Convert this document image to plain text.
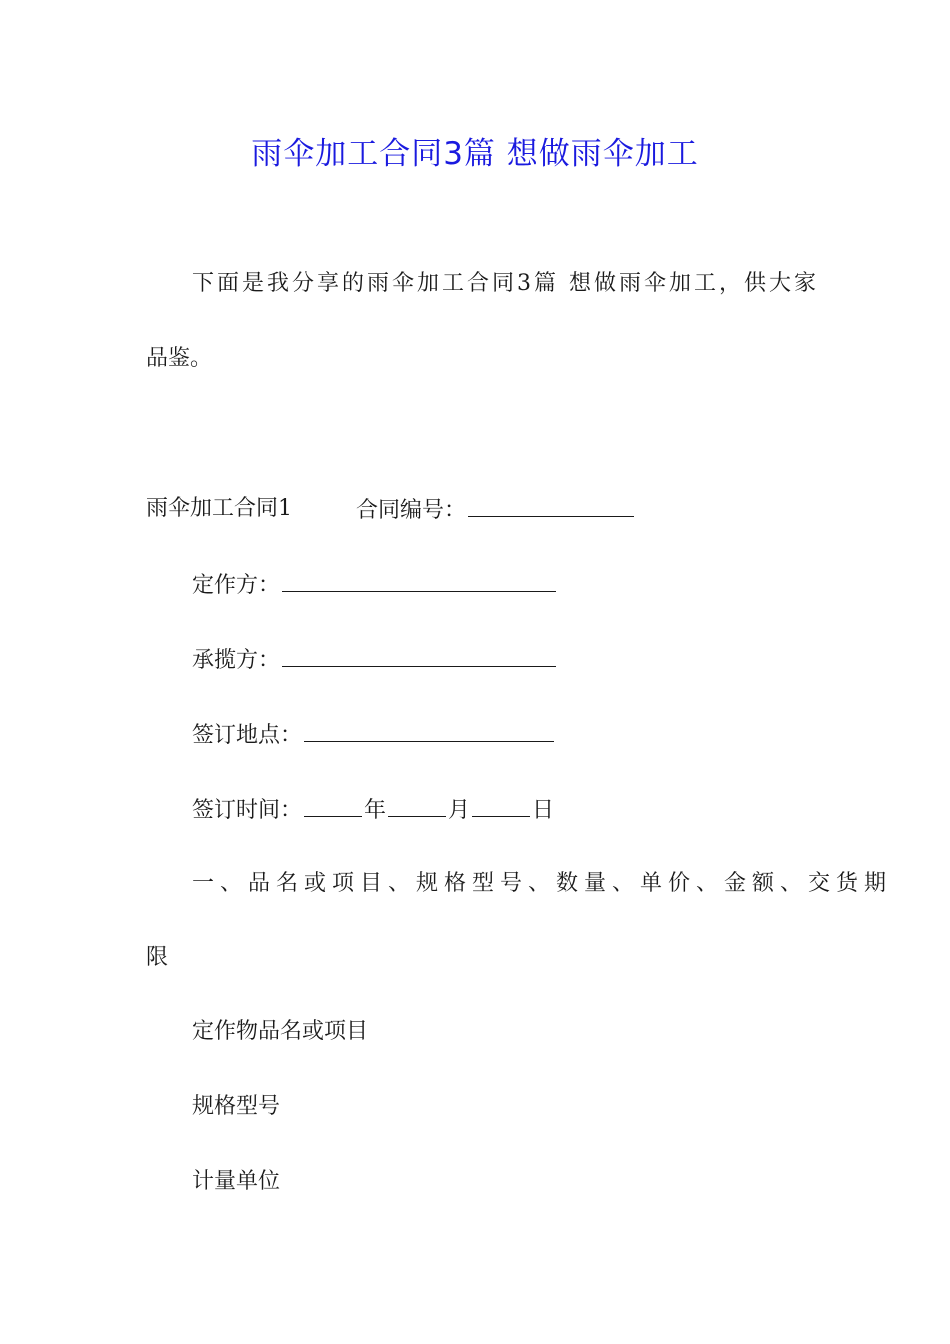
雨伞加工合同3篇 想做雨伞加工
下面是我分享的雨伞加工合同3篇 想做雨伞加工，供大家
品鉴。
雨伞加工合同1	合同编号：
定作方：
承揽方：
签订地点：
签订时间：	年	月	日
一、品名或项目、规格型号、数量、单价、金额、交货期
限
定作物品名或项目
规格型号
计量单位
